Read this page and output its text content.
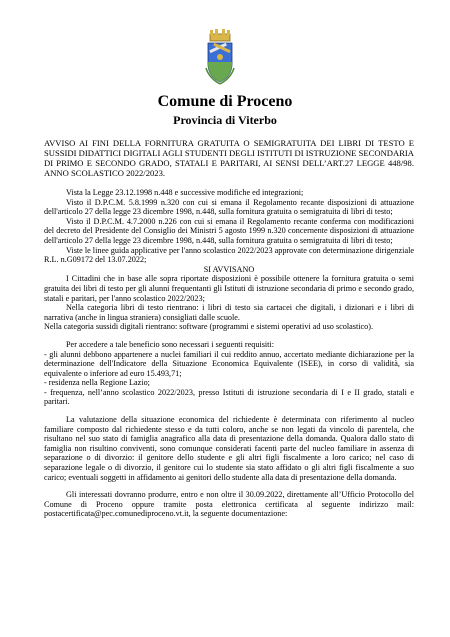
Comune di Proceno
Provincia di Viterbo

AVVISO AI FINI DELLA FORNITURA GRATUITA O SEMIGRATUITA DEI LIBRI DI TESTO E SUSSIDI DIDATTICI DIGITALI AGLI STUDENTI DEGLI ISTITUTI DI ISTRUZIONE SECONDARIA DI PRIMO E SECONDO GRADO, STATALI E PARITARI, AI SENSI DELL’ART.27 LEGGE 448/98. ANNO SCOLASTICO 2022/2023.

Vista la Legge 23.12.1998 n.448 e successive modifiche ed integrazioni;

Visto il D.P.C.M. 5.8.1999 n.320 con cui si emana il Regolamento recante disposizioni di attuazione dell'articolo 27 della legge 23 dicembre 1998, n.448, sulla fornitura gratuita o semigratuita di libri di testo;

Visto il D.P.C.M. 4.7.2000 n.226 con cui si emana il Regolamento recante conferma con modificazioni del decreto del Presidente del Consiglio dei Ministri 5 agosto 1999 n.320 concernente disposizioni di attuazione dell'articolo 27 della legge 23 dicembre 1998, n.448, sulla fornitura gratuita o semigratuita di libri di testo;

Viste le linee guida applicative per l'anno scolastico 2022/2023 approvate con determinazione dirigenziale R.L. n.G09172 del 13.07.2022;

SI AVVISANO

I Cittadini che in base alle sopra riportate disposizioni è possibile ottenere la fornitura gratuita o semi gratuita dei libri di testo per gli alunni frequentanti gli Istituti di istruzione secondaria di primo e secondo grado, statali e paritari, per l'anno scolastico 2022/2023;

Nella categoria libri di testo rientrano: i libri di testo sia cartacei che digitali, i dizionari e i libri di narrativa (anche in lingua straniera) consigliati dalle scuole.

Nella categoria sussidi digitali rientrano: software (programmi e sistemi operativi ad uso scolastico).

Per accedere a tale beneficio sono necessari i seguenti requisiti:

- gli alunni debbono appartenere a nuclei familiari il cui reddito annuo, accertato mediante dichiarazione per la determinazione dell'Indicatore della Situazione Economica Equivalente (ISEE), in corso di validità, sia equivalente o inferiore ad euro 15.493,71;

- residenza nella Regione Lazio;

- frequenza, nell’anno scolastico 2022/2023, presso Istituti di istruzione secondaria di I e II grado, statali e paritari.

La valutazione della situazione economica del richiedente è determinata con riferimento al nucleo familiare composto dal richiedente stesso e da tutti coloro, anche se non legati da vincolo di parentela, che risultano nel suo stato di famiglia anagrafico alla data di presentazione della domanda. Qualora dallo stato di famiglia non risultino conviventi, sono comunque considerati facenti parte del nucleo familiare in assenza di separazione o di divorzio: il genitore dello studente e gli altri figli fiscalmente a loro carico; nel caso di separazione legale o di divorzio, il genitore cui lo studente sia stato affidato o gli altri figli fiscalmente a suo carico; eventuali soggetti in affidamento ai genitori dello studente alla data di presentazione della domanda.

Gli interessati dovranno produrre, entro e non oltre il 30.09.2022, direttamente all’Ufficio Protocollo del Comune di Proceno oppure tramite posta elettronica certificata al seguente indirizzo mail: postacertificata@pec.comunediproceno.vt.it, la seguente documentazione:
